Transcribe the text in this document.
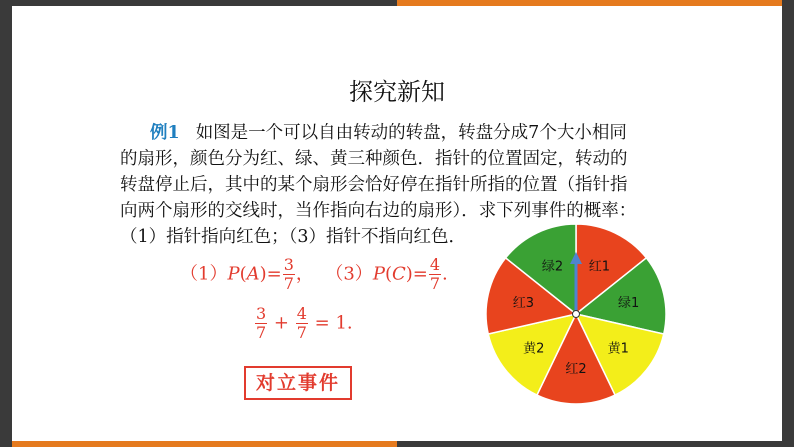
探究新知
例1 如图是一个可以自由转动的转盘，转盘分成7个大小相同
的扇形，颜色分为红、绿、黄三种颜色．指针的位置固定，转动的
转盘停止后，其中的某个扇形会恰好停在指针所指的位置（指针指
向两个扇形的交线时，当作指向右边的扇形）．求下列事件的概率：
（1）指针指向红色；（3）指针不指向红色．
$(1)P(A)= \frac{3}{7}$ ， $(3)P(C)= \frac{4}{7}$ .
$\frac{3}{7} + \frac{4}{7} = 1$.
对立事件
红1
绿1
黄1
红2
黄2
红3
绿2
